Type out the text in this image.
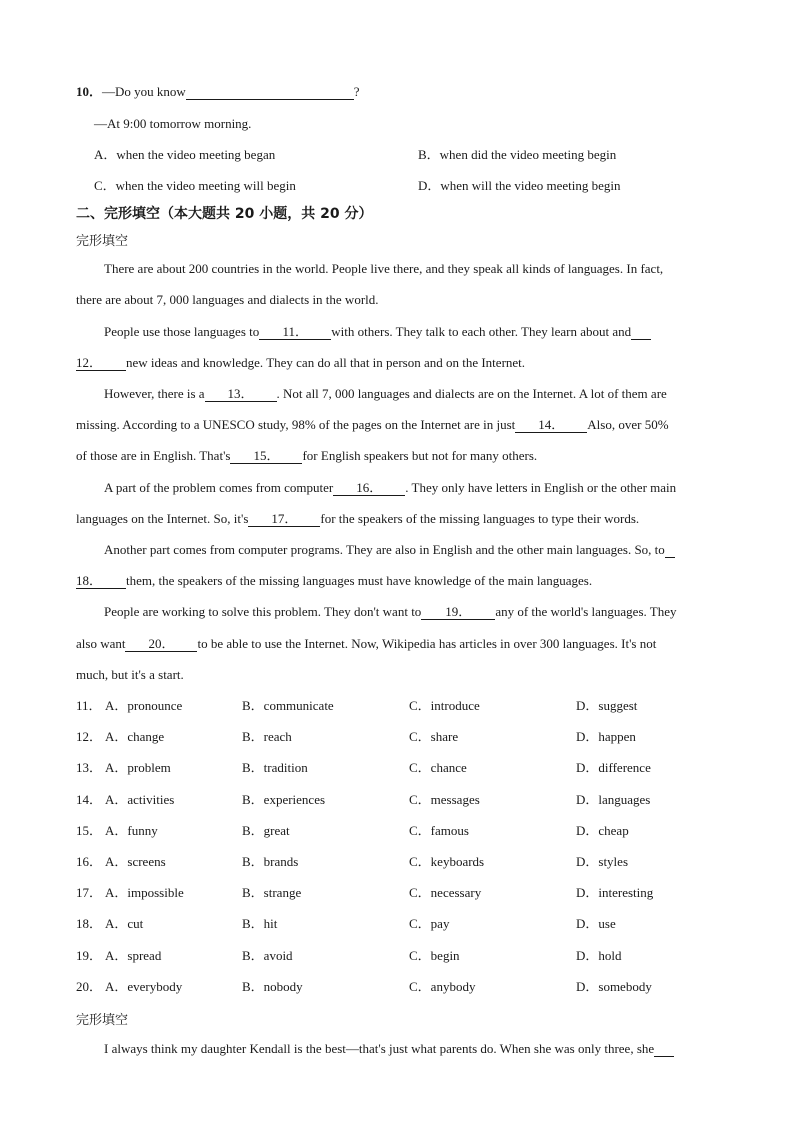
10．—Do you know	?
—At 9:00 tomorrow morning.
A．when the video meeting began	B．when did the video meeting begin
C．when the video meeting will begin	D．when will the video meeting begin
二、完形填空（本大题共 20 小题，共 20 分）
完形填空
There are about 200 countries in the world. People live there, and they speak all kinds of languages. In fact,
there are about 7, 000 languages and dialects in the world.
People use those languages to 11． with others. They talk to each other. They learn about and
12． new ideas and knowledge. They can do all that in person and on the Internet.
However, there is a 13． . Not all 7, 000 languages and dialects are on the Internet. A lot of them are
missing. According to a UNESCO study, 98% of the pages on the Internet are in just 14． Also, over 50%
of those are in English. That's 15． for English speakers but not for many others.
A part of the problem comes from computer 16． . They only have letters in English or the other main
languages on the Internet. So, it's 17． for the speakers of the missing languages to type their words.
Another part comes from computer programs. They are also in English and the other main languages. So, to
18． them, the speakers of the missing languages must have knowledge of the main languages.
People are working to solve this problem. They don't want to 19． any of the world's languages. They
also want 20． to be able to use the Internet. Now, Wikipedia has articles in over 300 languages. It's not
much, but it's a start.
11． A．pronounce	B．communicate	C．introduce	D．suggest
12． A．change	B．reach	C．share	D．happen
13． A．problem	B．tradition	C．chance	D．difference
14． A．activities	B．experiences	C．messages	D．languages
15． A．funny	B．great	C．famous	D．cheap
16． A．screens	B．brands	C．keyboards	D．styles
17． A．impossible	B．strange	C．necessary	D．interesting
18． A．cut	B．hit	C．pay	D．use
19． A．spread	B．avoid	C．begin	D．hold
20． A．everybody	B．nobody	C．anybody	D．somebody
完形填空
I always think my daughter Kendall is the best—that's just what parents do. When she was only three, she
